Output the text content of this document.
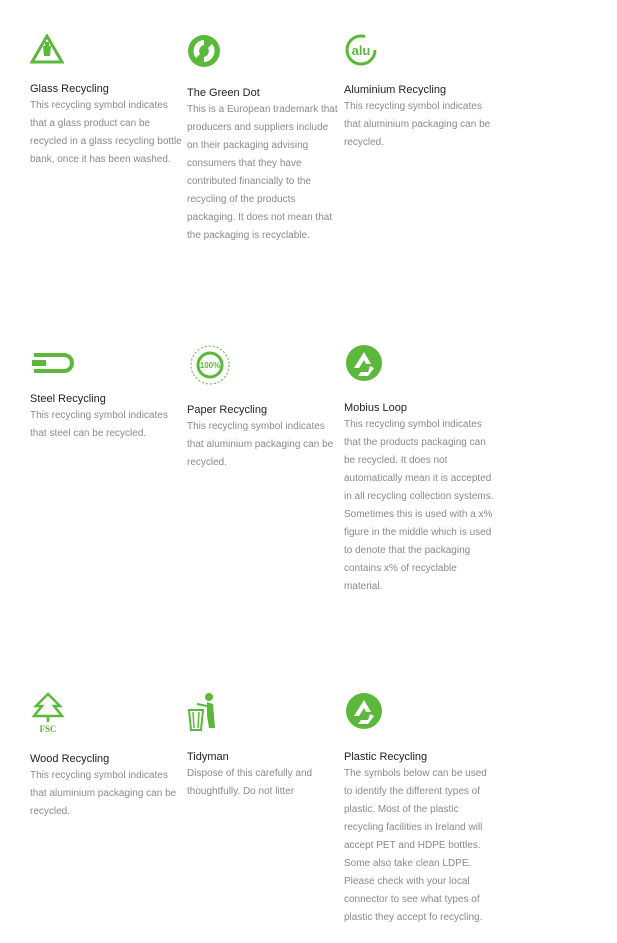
Glass Recycling
This recycling symbol indicates that a glass product can be recycled in a glass recycling bottle bank, once it has been washed.
The Green Dot
This is a European trademark that producers and suppliers include on their packaging advising consumers that they have contributed financially to the recycling of the products packaging. It does not mean that the packaging is recyclable.
alu
Aluminium Recycling
This recycling symbol indicates that aluminium packaging can be recycled.
Steel Recycling
This recycling symbol indicates that steel can be recycled.
100%
Paper Recycling
This recycling symbol indicates that aluminium packaging can be recycled.
Mobius Loop
This recycling symbol indicates that the products packaging can be recycled. It does not automatically mean it is accepted in all recycling collection systems. Sometimes this is used with a x% figure in the middle which is used to denote that the packaging contains x% of recyclable material.
FSC
Wood Recycling
This recycling symbol indicates that aluminium packaging can be recycled.
Tidyman
Dispose of this carefully and thoughtfully. Do not litter
Plastic Recycling
The symbols below can be used to identify the different types of plastic. Most of the plastic recycling facilities in Ireland will accept PET and HDPE bottles. Some also take clean LDPE. Please check with your local connector to see what types of plastic they accept fo recycling.
